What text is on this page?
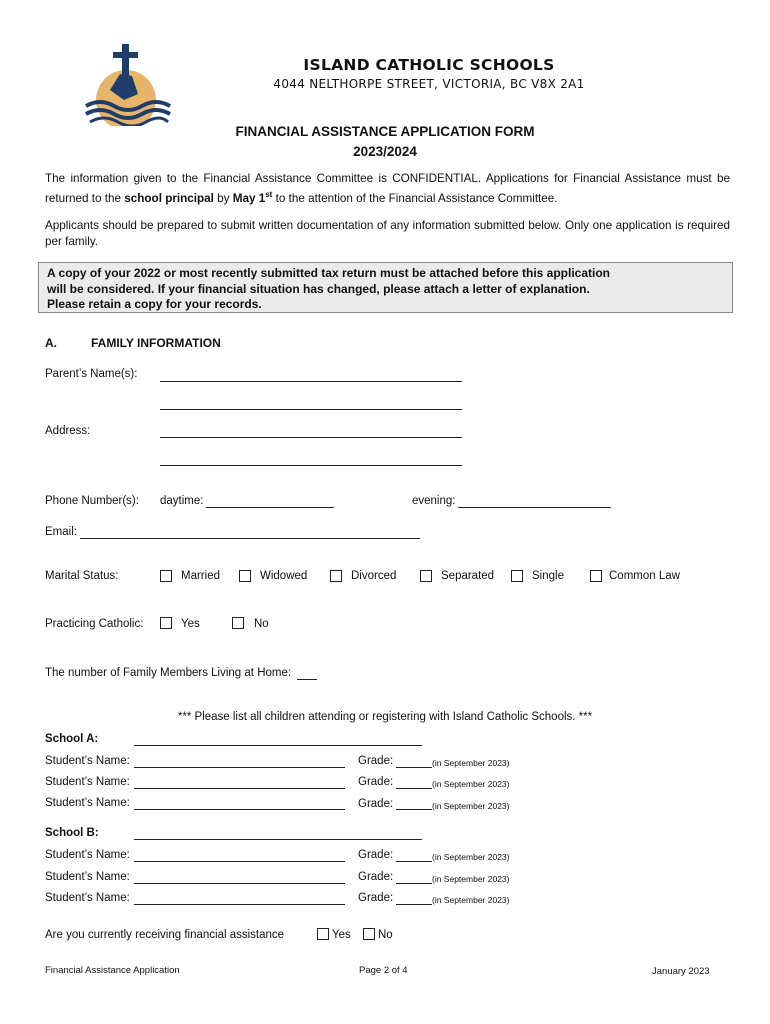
ISLAND CATHOLIC SCHOOLS
4044 NELTHORPE STREET, VICTORIA, BC V8X 2A1
FINANCIAL ASSISTANCE APPLICATION FORM
2023/2024
The information given to the Financial Assistance Committee is CONFIDENTIAL. Applications for Financial Assistance must be returned to the school principal by May 1st to the attention of the Financial Assistance Committee.
Applicants should be prepared to submit written documentation of any information submitted below. Only one application is required per family.
A copy of your 2022 or most recently submitted tax return must be attached before this application
will be considered. If your financial situation has changed, please attach a letter of explanation.
Please retain a copy for your records.
A.	FAMILY INFORMATION
Parent’s Name(s):
Address:
Phone Number(s): daytime:	evening:
Email:
Marital Status:	Married	Widowed	Divorced	Separated	Single	Common Law
Practicing Catholic:	Yes	No
The number of Family Members Living at Home:
*** Please list all children attending or registering with Island Catholic Schools. ***
School A:
Student’s Name:	Grade:	(in September 2023)
Student’s Name:	Grade:	(in September 2023)
Student’s Name:	Grade:	(in September 2023)
School B:
Student’s Name:	Grade:	(in September 2023)
Student’s Name:	Grade:	(in September 2023)
Student’s Name:	Grade:	(in September 2023)
Are you currently receiving financial assistance	Yes No
Financial Assistance Application	Page 2 of 4	January 2023
